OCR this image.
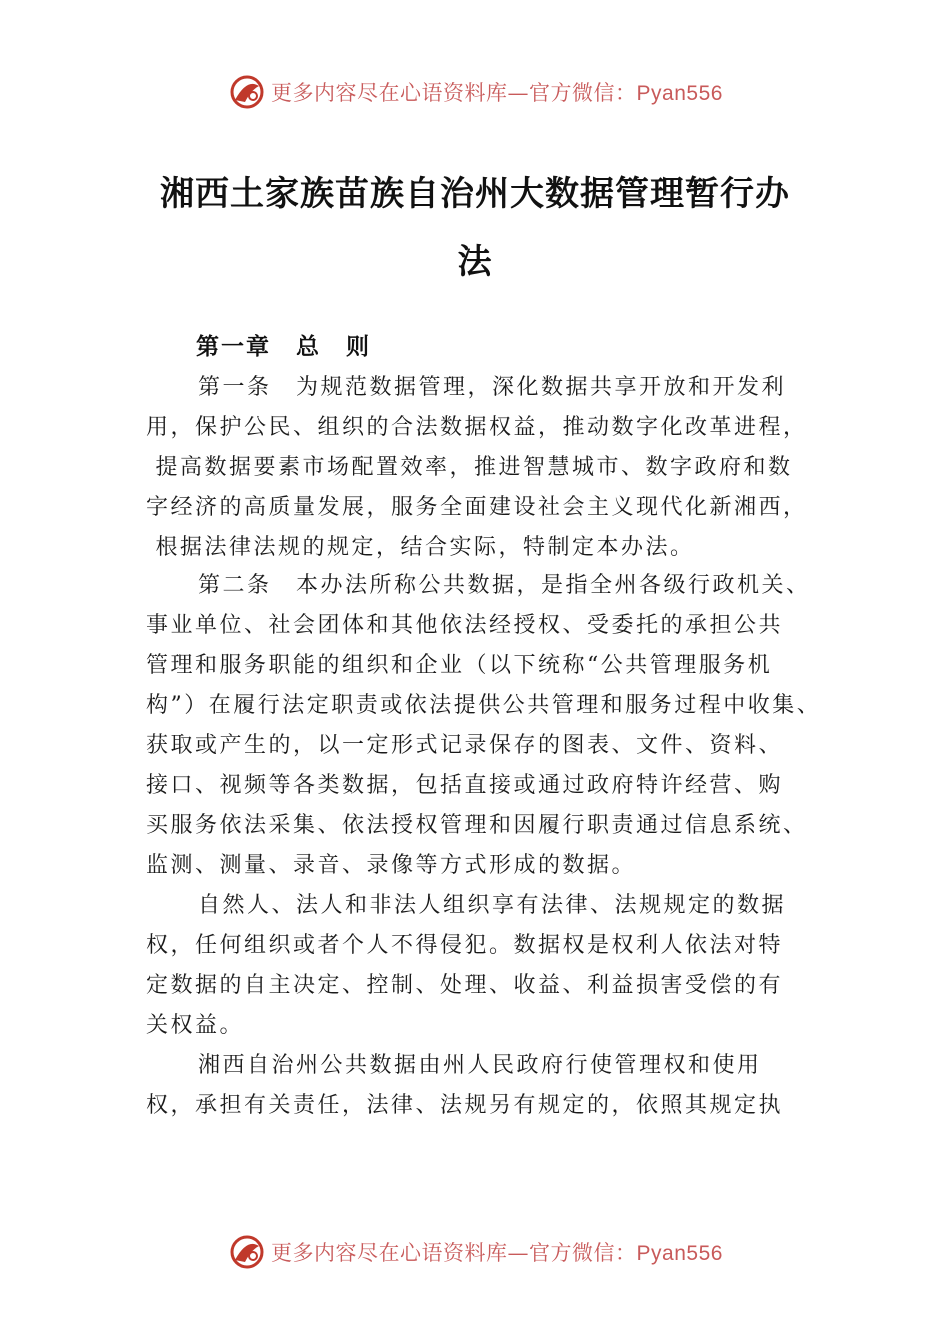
更多内容尽在心语资料库—官方微信：Pyan556
湘西土家族苗族自治州大数据管理暂行办
法
第一章　总　则
第一条　为规范数据管理，深化数据共享开放和开发利
用，保护公民、组织的合法数据权益，推动数字化改革进程，
提高数据要素市场配置效率，推进智慧城市、数字政府和数
字经济的高质量发展，服务全面建设社会主义现代化新湘西，
根据法律法规的规定，结合实际，特制定本办法。
第二条　本办法所称公共数据，是指全州各级行政机关、
事业单位、社会团体和其他依法经授权、受委托的承担公共
管理和服务职能的组织和企业（以下统称“公共管理服务机
构”）在履行法定职责或依法提供公共管理和服务过程中收集、
获取或产生的，以一定形式记录保存的图表、文件、资料、
接口、视频等各类数据，包括直接或通过政府特许经营、购
买服务依法采集、依法授权管理和因履行职责通过信息系统、
监测、测量、录音、录像等方式形成的数据。
自然人、法人和非法人组织享有法律、法规规定的数据
权，任何组织或者个人不得侵犯。数据权是权利人依法对特
定数据的自主决定、控制、处理、收益、利益损害受偿的有
关权益。
湘西自治州公共数据由州人民政府行使管理权和使用
权，承担有关责任，法律、法规另有规定的，依照其规定执
更多内容尽在心语资料库—官方微信：Pyan556
